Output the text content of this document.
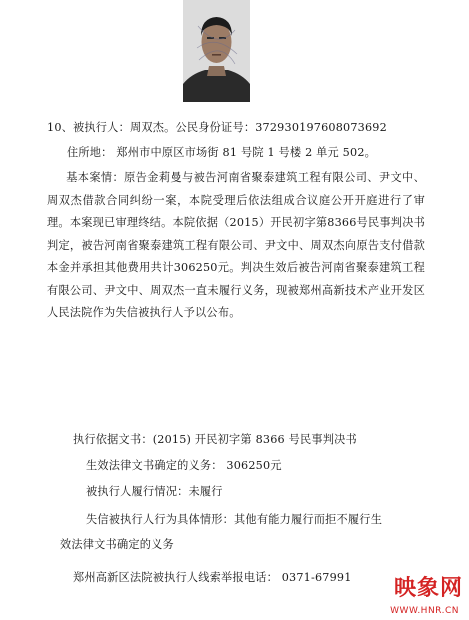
10、被执行人：周双杰。公民身份证号：372930197608073692
住所地： 郑州市中原区市场街 81 号院 1 号楼 2 单元 502。
基本案情：原告金莉曼与被告河南省聚泰建筑工程有限公司、尹文中、周双杰借款合同纠纷一案，本院受理后依法组成合议庭公开开庭进行了审理。本案现已审理终结。本院依据（2015）开民初字第8366号民事判决书判定，被告河南省聚泰建筑工程有限公司、尹文中、周双杰向原告支付借款本金并承担其他费用共计306250元。判决生效后被告河南省聚泰建筑工程有限公司、尹文中、周双杰一直未履行义务，现被郑州高新技术产业开发区人民法院作为失信被执行人予以公布。
执行依据文书：(2015) 开民初字第 8366 号民事判决书
生效法律文书确定的义务： 306250元
被执行人履行情况：未履行
失信被执行人行为具体情形：其他有能力履行而拒不履行生
效法律文书确定的义务
郑州高新区法院被执行人线索举报电话： 0371-67991 映象网
WWW.HNR.CN
